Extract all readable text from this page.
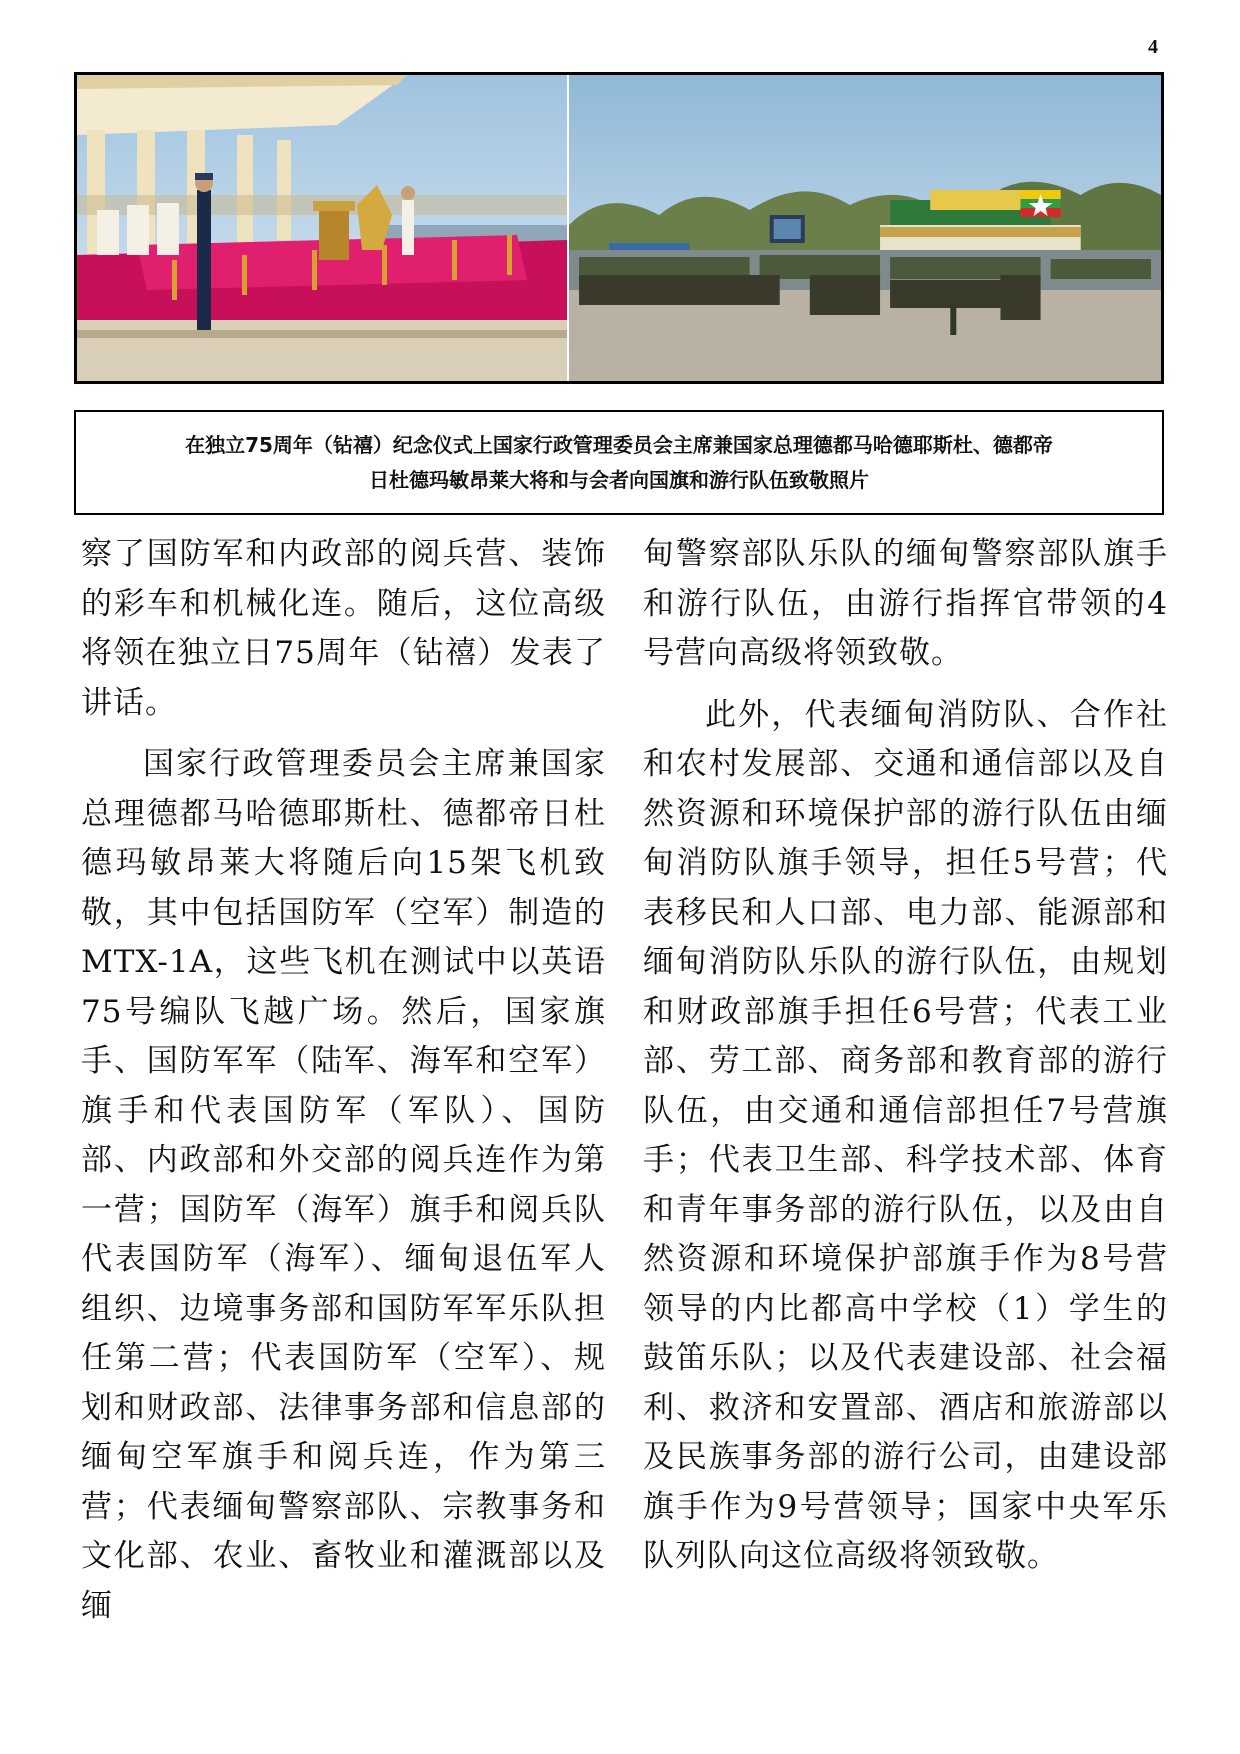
4

在独立75周年（钻禧）纪念仪式上国家行政管理委员会主席兼国家总理德都马哈德耶斯杜、德都帝

日杜德玛敏昂莱大将和与会者向国旗和游行队伍致敬照片

察了国防军和内政部的阅兵营、装饰的彩车和机械化连。随后，这位高级将领在独立日75周年（钻禧）发表了讲话。

国家行政管理委员会主席兼国家总理德都马哈德耶斯杜、德都帝日杜德玛敏昂莱大将随后向15架飞机致敬，其中包括国防军（空军）制造的MTX-1A，这些飞机在测试中以英语75号编队飞越广场。然后，国家旗手、国防军军（陆军、海军和空军）旗手和代表国防军（军队）、国防部、内政部和外交部的阅兵连作为第一营；国防军（海军）旗手和阅兵队代表国防军（海军）、缅甸退伍军人组织、边境事务部和国防军军乐队担任第二营；代表国防军（空军）、规划和财政部、法律事务部和信息部的缅甸空军旗手和阅兵连，作为第三营；代表缅甸警察部队、宗教事务和文化部、农业、畜牧业和灌溉部以及缅

甸警察部队乐队的缅甸警察部队旗手和游行队伍，由游行指挥官带领的4号营向高级将领致敬。

此外，代表缅甸消防队、合作社和农村发展部、交通和通信部以及自然资源和环境保护部的游行队伍由缅甸消防队旗手领导，担任5号营；代表移民和人口部、电力部、能源部和缅甸消防队乐队的游行队伍，由规划和财政部旗手担任6号营；代表工业部、劳工部、商务部和教育部的游行队伍，由交通和通信部担任7号营旗手；代表卫生部、科学技术部、体育和青年事务部的游行队伍，以及由自然资源和环境保护部旗手作为8号营领导的内比都高中学校（1）学生的鼓笛乐队；以及代表建设部、社会福利、救济和安置部、酒店和旅游部以及民族事务部的游行公司，由建设部旗手作为9号营领导；国家中央军乐队列队向这位高级将领致敬。
